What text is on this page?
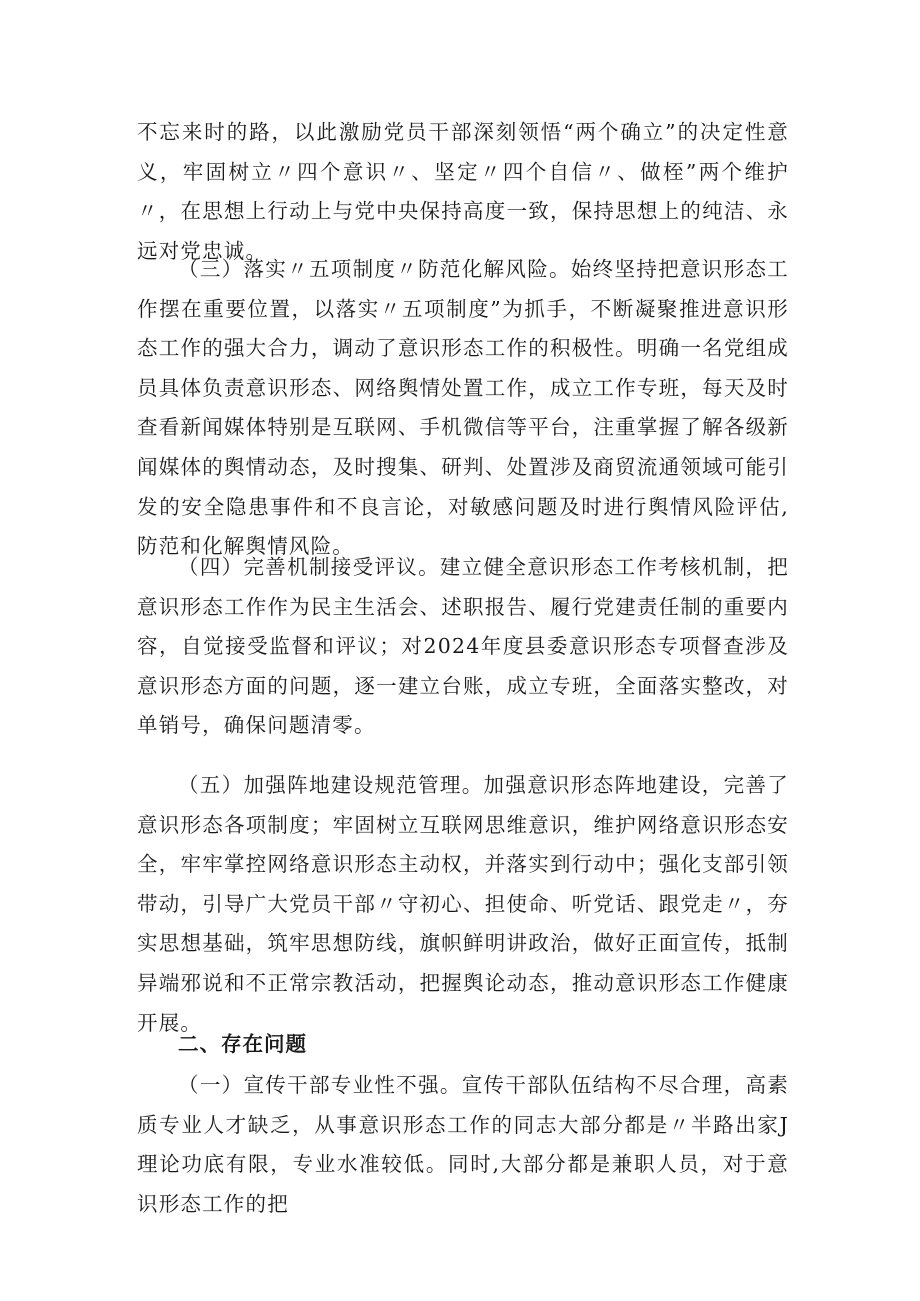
不忘来时的路，以此激励党员干部深刻领悟“两个确立”的决定性意义，牢固树立〃四个意识〃、坚定〃四个自信〃、做桎”两个维护〃，在思想上行动上与党中央保持高度一致，保持思想上的纯洁、永远对党忠诚。

（三）落实〃五项制度〃防范化解风险。始终坚持把意识形态工作摆在重要位置，以落实〃五项制度”为抓手，不断凝聚推进意识形态工作的强大合力，调动了意识形态工作的积极性。明确一名党组成员具体负责意识形态、网络舆情处置工作，成立工作专班，每天及时查看新闻媒体特别是互联网、手机微信等平台，注重掌握了解各级新闻媒体的舆情动态，及时搜集、研判、处置涉及商贸流通领域可能引发的安全隐患事件和不良言论，对敏感问题及时进行舆情风险评估,防范和化解舆情风险。

（四）完善机制接受评议。建立健全意识形态工作考核机制，把意识形态工作作为民主生活会、述职报告、履行党建责任制的重要内容，自觉接受监督和评议；对2024年度县委意识形态专项督查涉及意识形态方面的问题，逐一建立台账，成立专班，全面落实整改，对单销号，确保问题清零。

（五）加强阵地建设规范管理。加强意识形态阵地建设，完善了意识形态各项制度；牢固树立互联网思维意识，维护网络意识形态安全，牢牢掌控网络意识形态主动权，并落实到行动中；强化支部引领带动，引导广大党员干部〃守初心、担使命、听党话、跟党走〃，夯实思想基础，筑牢思想防线，旗帜鲜明讲政治，做好正面宣传，抵制异端邪说和不正常宗教活动，把握舆论动态，推动意识形态工作健康开展。

二、存在问题

（一）宣传干部专业性不强。宣传干部队伍结构不尽合理，高素质专业人才缺乏，从事意识形态工作的同志大部分都是〃半路出家J理论功底有限，专业水准较低。同时,大部分都是兼职人员，对于意识形态工作的把
